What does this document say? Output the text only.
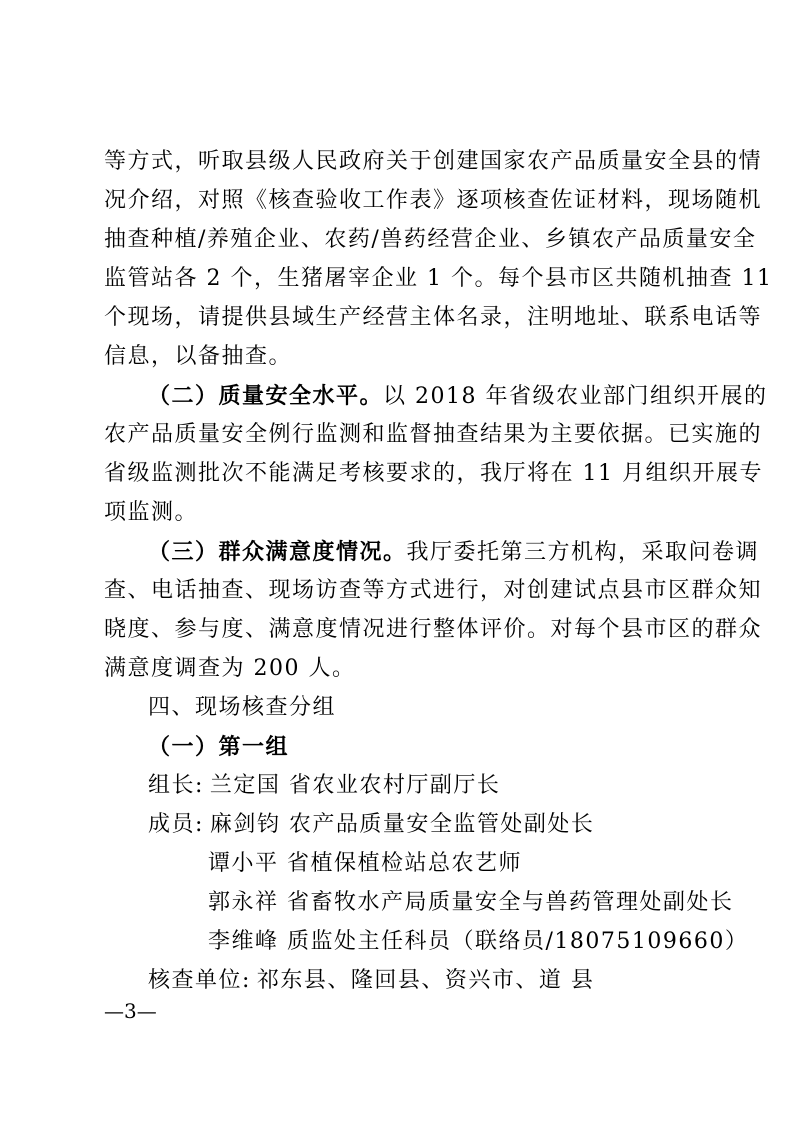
等方式，听取县级人民政府关于创建国家农产品质量安全县的情
况介绍，对照《核查验收工作表》逐项核查佐证材料，现场随机
抽查种植/养殖企业、农药/兽药经营企业、乡镇农产品质量安全
监管站各 2 个，生猪屠宰企业 1 个。每个县市区共随机抽查 11
个现场，请提供县域生产经营主体名录，注明地址、联系电话等
信息，以备抽查。
（二）质量安全水平。以 2018 年省级农业部门组织开展的
农产品质量安全例行监测和监督抽查结果为主要依据。已实施的
省级监测批次不能满足考核要求的，我厅将在 11 月组织开展专
项监测。
（三）群众满意度情况。我厅委托第三方机构，采取问卷调
查、电话抽查、现场访查等方式进行，对创建试点县市区群众知
晓度、参与度、满意度情况进行整体评价。对每个县市区的群众
满意度调查为 200 人。
四、现场核查分组
（一）第一组
组长: 兰定国 省农业农村厅副厅长
成员: 麻剑钧 农产品质量安全监管处副处长
谭小平 省植保植检站总农艺师
郭永祥 省畜牧水产局质量安全与兽药管理处副处长
李维峰 质监处主任科员（联络员/18075109660）
核查单位: 祁东县、隆回县、资兴市、道 县
—3—
